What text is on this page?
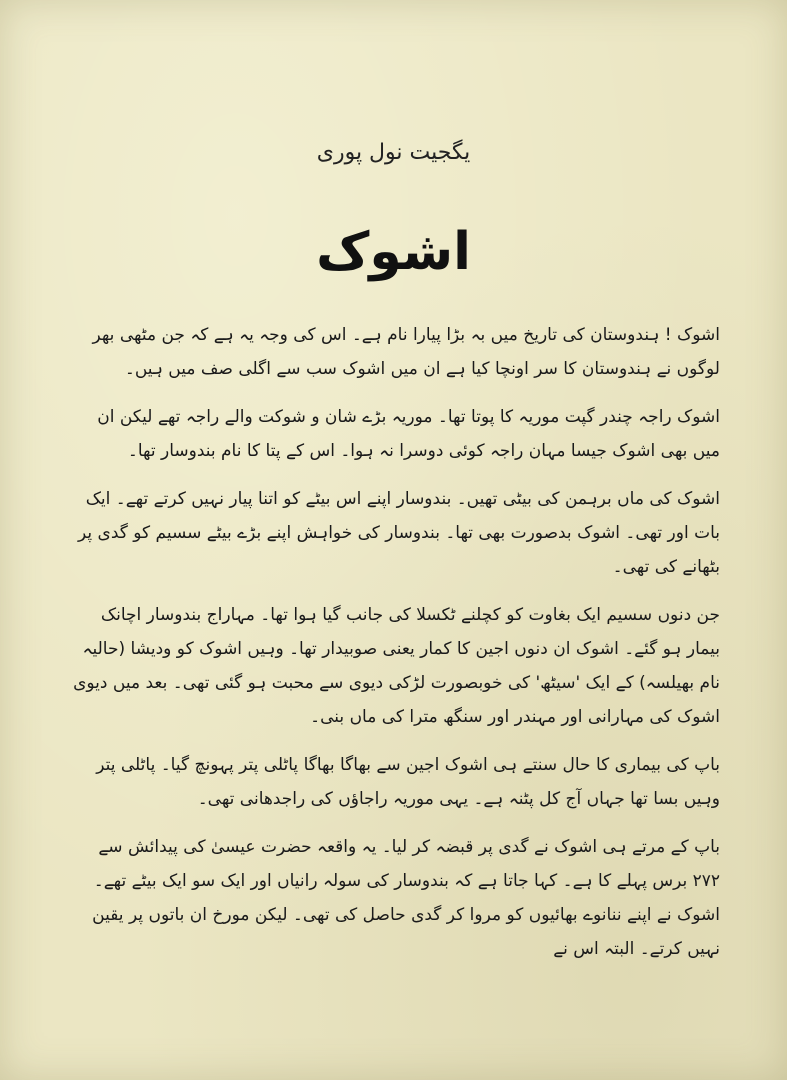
یگجیت نول پوری
اشوک

اشوک ! ہندوستان کی تاریخ میں بہ بڑا پیارا نام ہے۔ اس کی وجہ یہ ہے کہ جن مٹھی بھر لوگوں نے ہندوستان کا سر اونچا کیا ہے ان میں اشوک سب سے اگلی صف میں ہیں۔

اشوک راجہ چندر گپت موریہ کا پوتا تھا۔ موریہ بڑے شان و شوکت والے راجہ تھے لیکن ان میں بھی اشوک جیسا مہان راجہ کوئی دوسرا نہ ہوا۔ اس کے پتا کا نام بندوسار تھا۔

اشوک کی ماں برہمن کی بیٹی تھیں۔ بندوسار اپنے اس بیٹے کو اتنا پیار نہیں کرتے تھے۔ ایک بات اور تھی۔ اشوک بدصورت بھی تھا۔ بندوسار کی خواہش اپنے بڑے بیٹے سسیم کو گدی پر بٹھانے کی تھی۔

جن دنوں سسیم ایک بغاوت کو کچلنے ٹکسلا کی جانب گیا ہوا تھا۔ مہاراج بندوسار اچانک بیمار ہو گئے۔ اشوک ان دنوں اجین کا کمار یعنی صوبیدار تھا۔ وہیں اشوک کو ودیشا (حالیہ نام بھیلسہ) کے ایک 'سیٹھ' کی خوبصورت لڑکی دیوی سے محبت ہو گئی تھی۔ بعد میں دیوی اشوک کی مہارانی اور مہندر اور سنگھ مترا کی ماں بنی۔

باپ کی بیماری کا حال سنتے ہی اشوک اجین سے بھاگا بھاگا پاٹلی پتر پہونچ گیا۔ پاٹلی پتر وہیں بسا تھا جہاں آج کل پٹنہ ہے۔ یہی موریہ راجاؤں کی راجدھانی تھی۔

باپ کے مرتے ہی اشوک نے گدی پر قبضہ کر لیا۔ یہ واقعہ حضرت عیسیٰ کی پیدائش سے ۲۷۲ برس پہلے کا ہے۔ کہا جاتا ہے کہ بندوسار کی سولہ رانیاں اور ایک سو ایک بیٹے تھے۔ اشوک نے اپنے ننانوے بھائیوں کو مروا کر گدی حاصل کی تھی۔ لیکن مورخ ان باتوں پر یقین نہیں کرتے۔ البتہ اس نے
